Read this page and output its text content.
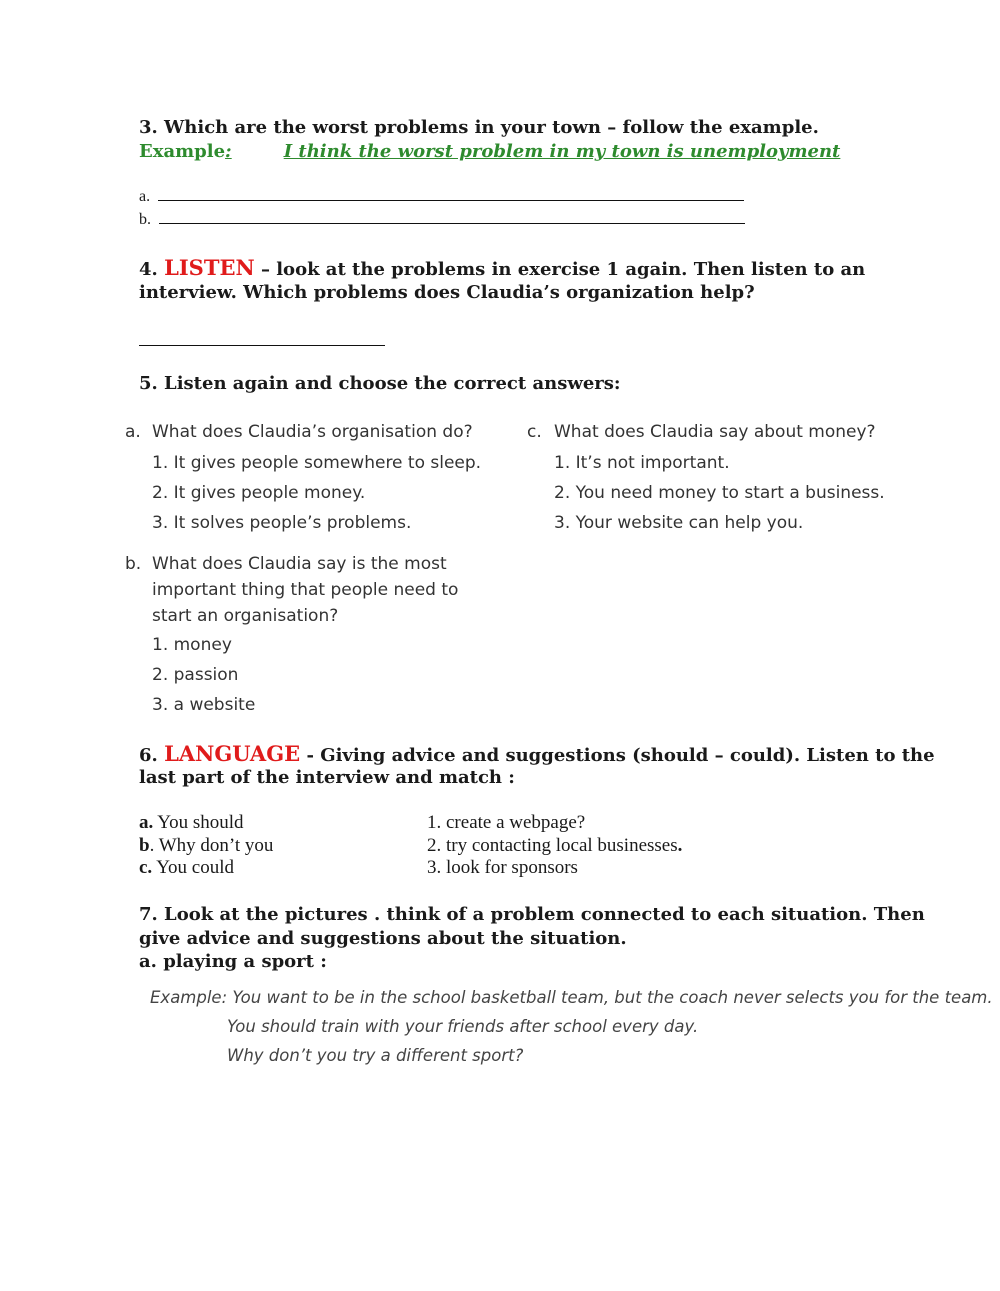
3. Which are the worst problems in your town – follow the example.
Example:	I think the worst problem in my town is unemployment
a.
b.
4. LISTEN – look at the problems in exercise 1 again. Then listen to an
interview. Which problems does Claudia’s organization help?
5. Listen again and choose the correct answers:
a. What does Claudia’s organisation do?
1. It gives people somewhere to sleep.
2. It gives people money.
3. It solves people’s problems.
b. What does Claudia say is the most
important thing that people need to
start an organisation?
1. money
2. passion
3. a website
c. What does Claudia say about money?
1. It’s not important.
2. You need money to start a business.
3. Your website can help you.
6. LANGUAGE - Giving advice and suggestions (should – could). Listen to the
last part of the interview and match :
a. You should
b. Why don’t you
c. You could
1. create a webpage?
2. try contacting local businesses.
3. look for sponsors
7. Look at the pictures . think of a problem connected to each situation. Then
give advice and suggestions about the situation.
a. playing a sport :
Example: You want to be in the school basketball team, but the coach never selects you for the team.
You should train with your friends after school every day.
Why don’t you try a different sport?
